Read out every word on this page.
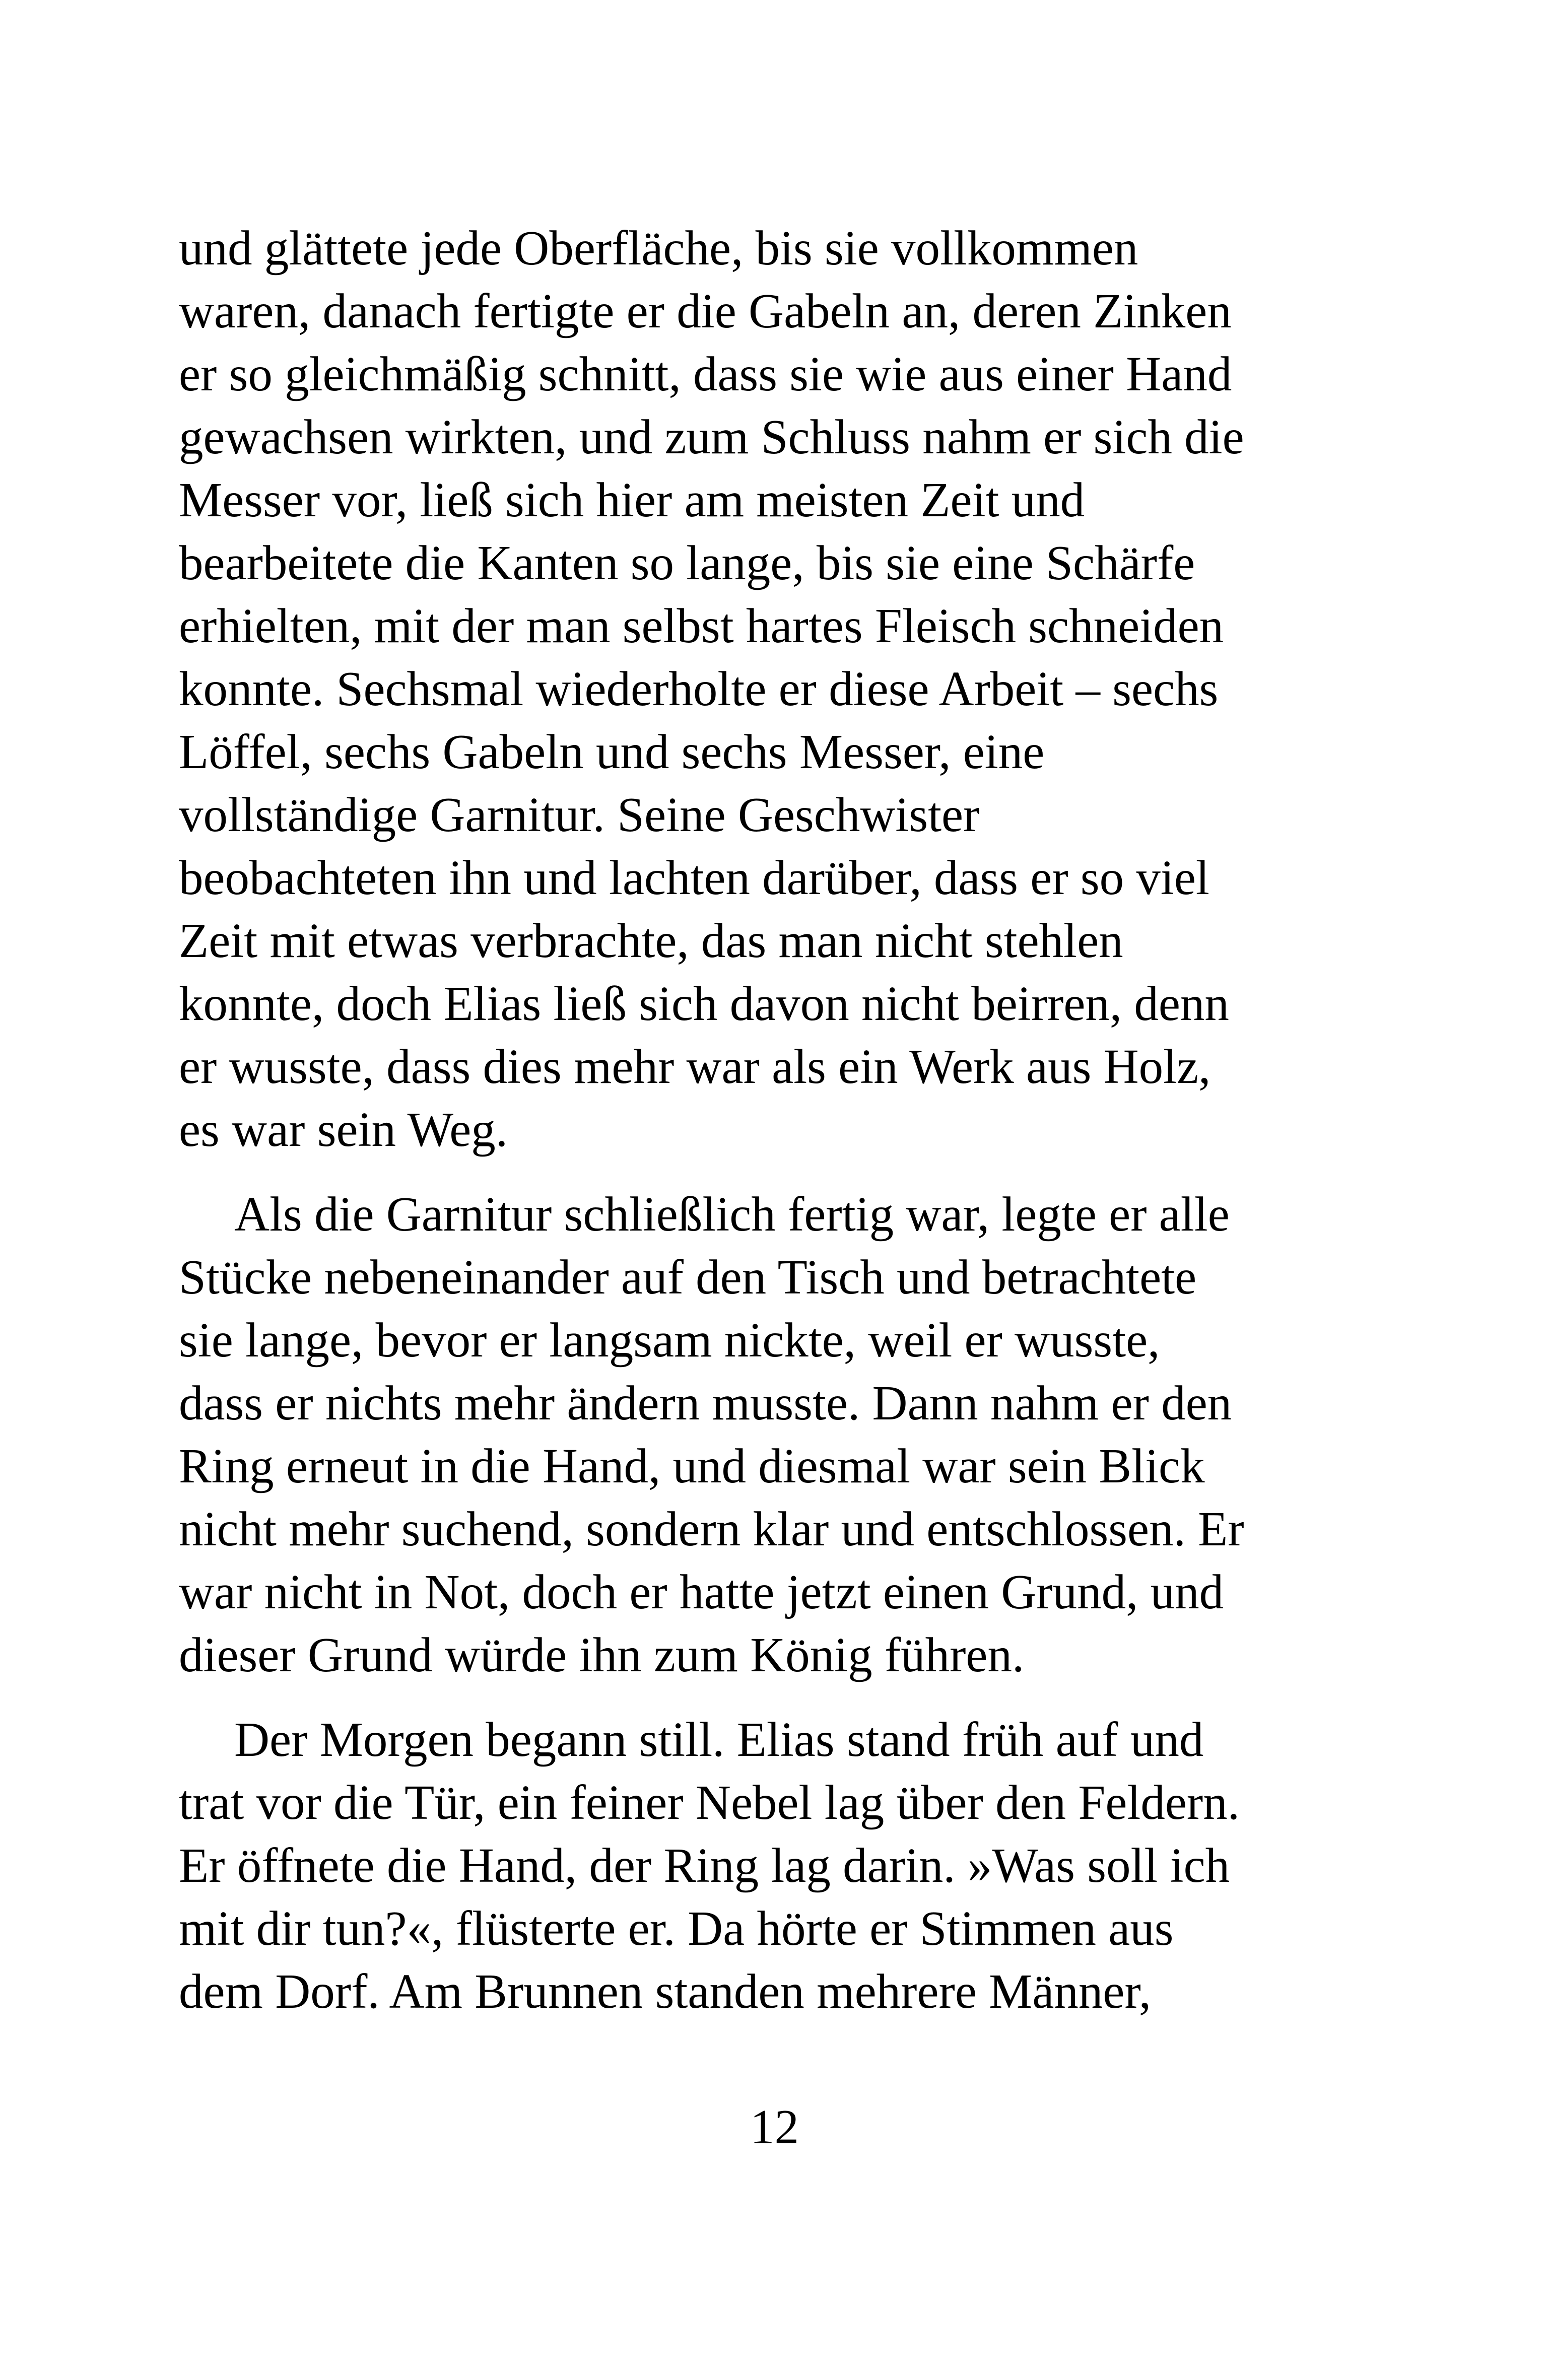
und glättete jede Oberfläche, bis sie vollkommen
waren, danach fertigte er die Gabeln an, deren Zinken
er so gleichmäßig schnitt, dass sie wie aus einer Hand
gewachsen wirkten, und zum Schluss nahm er sich die
Messer vor, ließ sich hier am meisten Zeit und
bearbeitete die Kanten so lange, bis sie eine Schärfe
erhielten, mit der man selbst hartes Fleisch schneiden
konnte. Sechsmal wiederholte er diese Arbeit – sechs
Löffel, sechs Gabeln und sechs Messer, eine
vollständige Garnitur. Seine Geschwister
beobachteten ihn und lachten darüber, dass er so viel
Zeit mit etwas verbrachte, das man nicht stehlen
konnte, doch Elias ließ sich davon nicht beirren, denn
er wusste, dass dies mehr war als ein Werk aus Holz,
es war sein Weg.
Als die Garnitur schließlich fertig war, legte er alle
Stücke nebeneinander auf den Tisch und betrachtete
sie lange, bevor er langsam nickte, weil er wusste,
dass er nichts mehr ändern musste. Dann nahm er den
Ring erneut in die Hand, und diesmal war sein Blick
nicht mehr suchend, sondern klar und entschlossen. Er
war nicht in Not, doch er hatte jetzt einen Grund, und
dieser Grund würde ihn zum König führen.
Der Morgen begann still. Elias stand früh auf und
trat vor die Tür, ein feiner Nebel lag über den Feldern.
Er öffnete die Hand, der Ring lag darin. »Was soll ich
mit dir tun?«, flüsterte er. Da hörte er Stimmen aus
dem Dorf. Am Brunnen standen mehrere Männer,
12
